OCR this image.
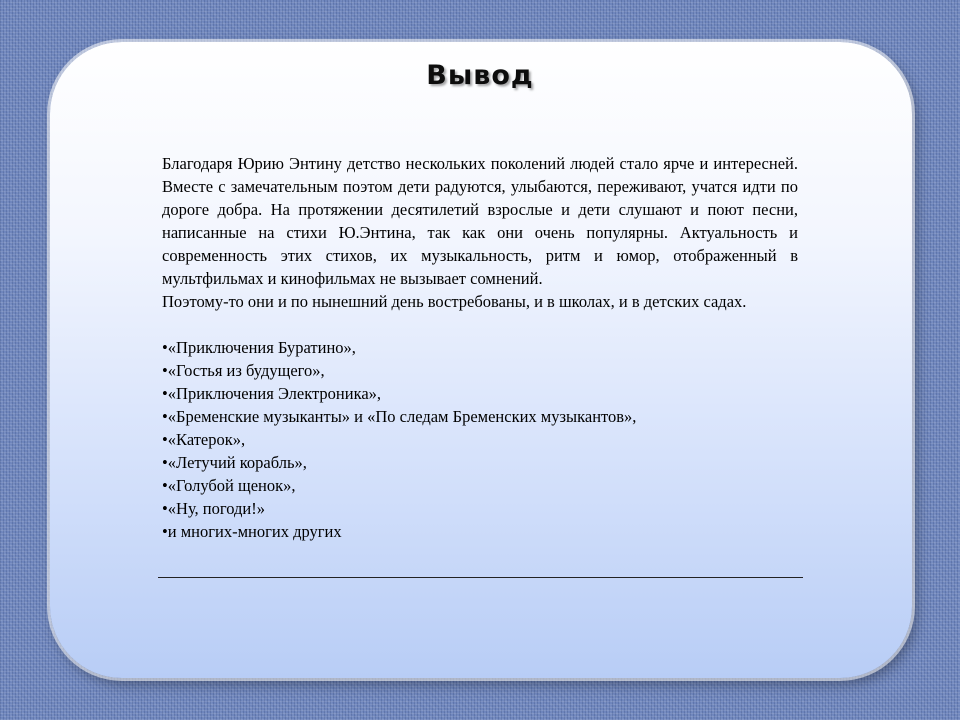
Вывод

Благодаря Юрию Энтину детство нескольких поколений людей стало ярче и интересней. Вместе с замечательным поэтом дети радуются, улыбаются, переживают, учатся идти по дороге добра. На протяжении десятилетий взрослые и дети слушают и поют песни, написанные на стихи Ю.Энтина, так как они очень популярны. Актуальность и современность этих стихов, их музыкальность, ритм и юмор, отображенный в мультфильмах и кинофильмах не вызывает сомнений.

Поэтому-то они и по нынешний день востребованы, и в школах, и в детских садах.

•«Приключения Буратино»,
•«Гостья из будущего»,
•«Приключения Электроника»,
•«Бременские музыканты» и «По следам Бременских музыкантов»,
•«Катерок»,
•«Летучий корабль»,
•«Голубой щенок»,
•«Ну, погоди!»
•и многих-многих других
